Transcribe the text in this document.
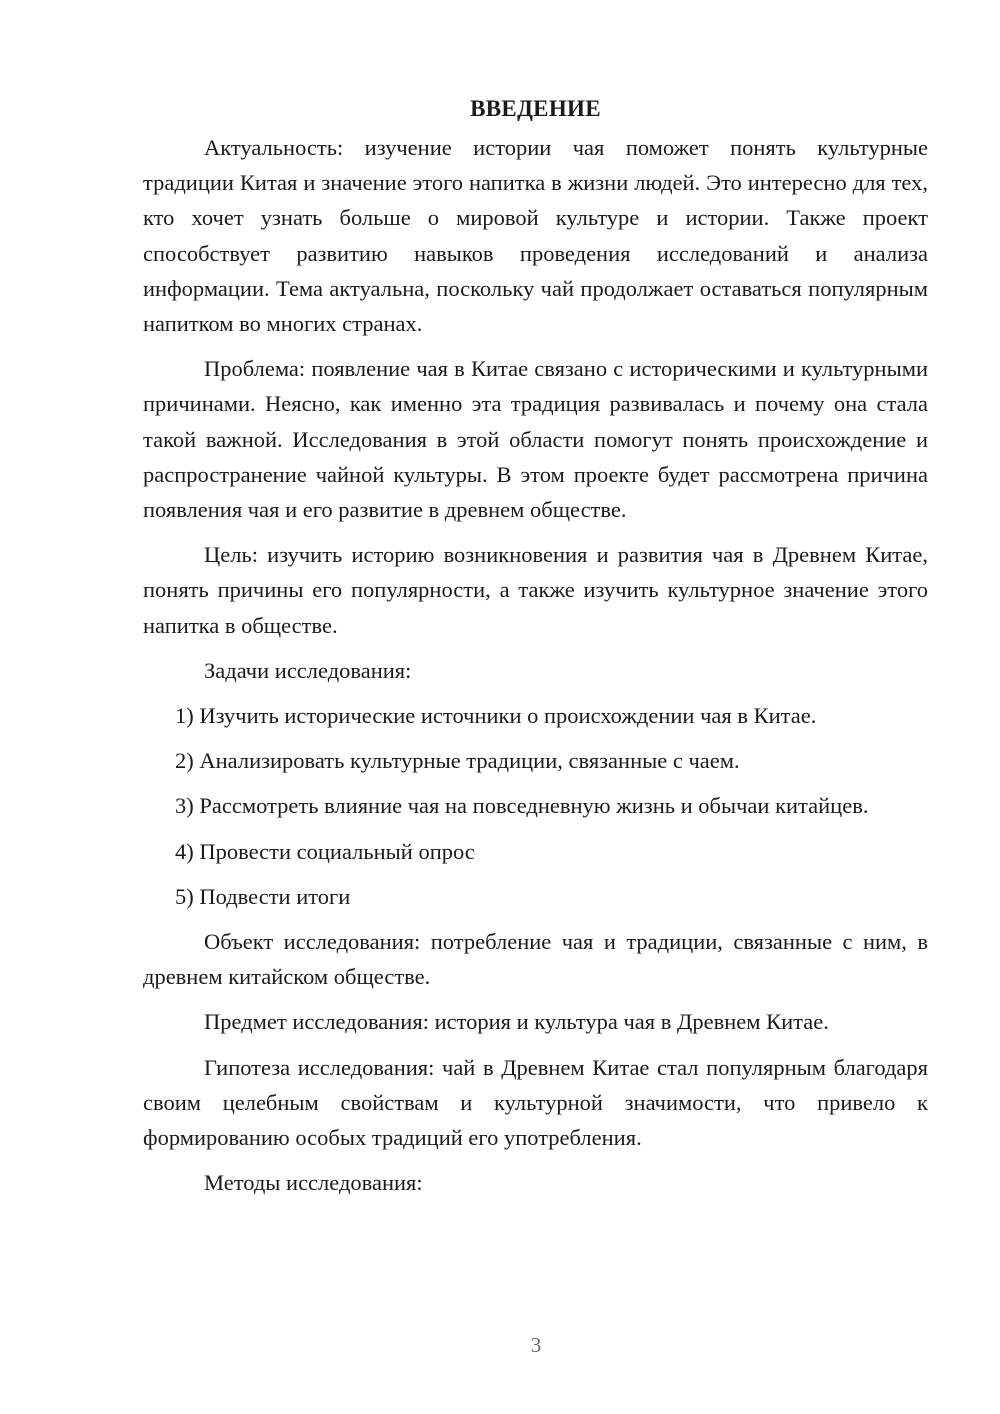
ВВЕДЕНИЕ

Актуальность: изучение истории чая поможет понять культурные традиции Китая и значение этого напитка в жизни людей. Это интересно для тех, кто хочет узнать больше о мировой культуре и истории. Также проект способствует развитию навыков проведения исследований и анализа информации. Тема актуальна, поскольку чай продолжает оставаться популярным напитком во многих странах.

Проблема: появление чая в Китае связано с историческими и культурными причинами. Неясно, как именно эта традиция развивалась и почему она стала такой важной. Исследования в этой области помогут понять происхождение и распространение чайной культуры. В этом проекте будет рассмотрена причина появления чая и его развитие в древнем обществе.

Цель: изучить историю возникновения и развития чая в Древнем Китае, понять причины его популярности, а также изучить культурное значение этого напитка в обществе.

Задачи исследования:

1) Изучить исторические источники о происхождении чая в Китае.

2) Анализировать культурные традиции, связанные с чаем.

3) Рассмотреть влияние чая на повседневную жизнь и обычаи китайцев.

4) Провести социальный опрос

5) Подвести итоги

Объект исследования: потребление чая и традиции, связанные с ним, в древнем китайском обществе.

Предмет исследования: история и культура чая в Древнем Китае.

Гипотеза исследования: чай в Древнем Китае стал популярным благодаря своим целебным свойствам и культурной значимости, что привело к формированию особых традиций его употребления.

Методы исследования:

3
